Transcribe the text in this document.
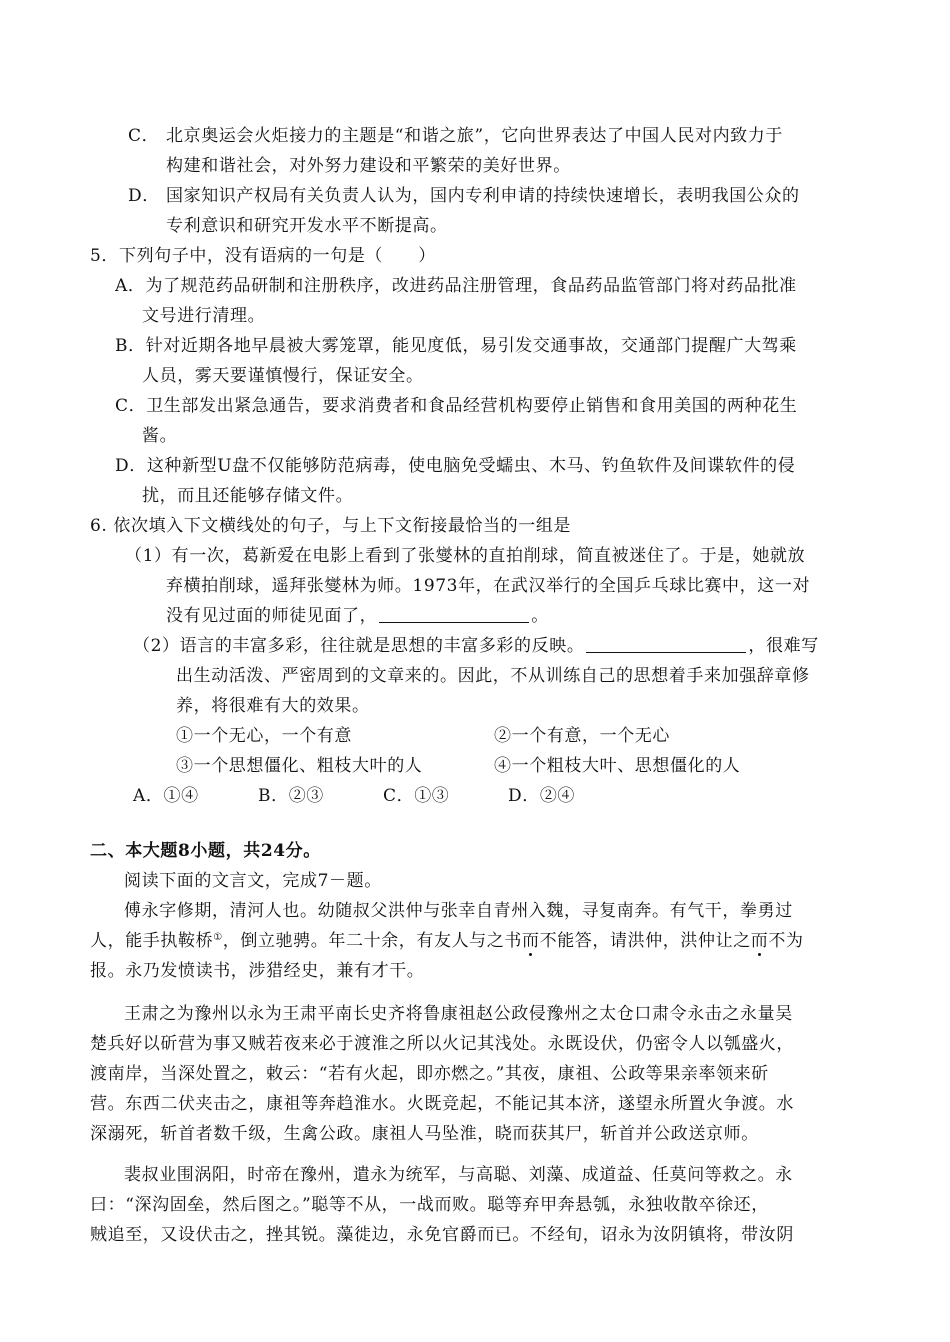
C． 北京奥运会火炬接力的主题是“和谐之旅”，它向世界表达了中国人民对内致力于
构建和谐社会，对外努力建设和平繁荣的美好世界。
D． 国家知识产权局有关负责人认为，国内专利申请的持续快速增长，表明我国公众的
专利意识和研究开发水平不断提高。
5．下列句子中，没有语病的一句是（　　）
A．为了规范药品研制和注册秩序，改进药品注册管理，食品药品监管部门将对药品批准
文号进行清理。
B．针对近期各地早晨被大雾笼罩，能见度低，易引发交通事故，交通部门提醒广大驾乘
人员，雾天要谨慎慢行，保证安全。
C．卫生部发出紧急通告，要求消费者和食品经营机构要停止销售和食用美国的两种花生
酱。
D．这种新型U盘不仅能够防范病毒，使电脑免受蠕虫、木马、钓鱼软件及间谍软件的侵
扰，而且还能够存储文件。
6. 依次填入下文横线处的句子，与上下文衔接最恰当的一组是
（1）有一次，葛新爱在电影上看到了张燮林的直拍削球，简直被迷住了。于是，她就放
弃横拍削球，遥拜张燮林为师。1973年，在武汉举行的全国乒乓球比赛中，这一对
没有见过面的师徒见面了，	。
（2）语言的丰富多彩，往往就是思想的丰富多彩的反映。	，很难写
出生动活泼、严密周到的文章来的。因此，不从训练自己的思想着手来加强辞章修
养，将很难有大的效果。
①一个无心，一个有意	②一个有意，一个无心
③一个思想僵化、粗枝大叶的人	④一个粗枝大叶、思想僵化的人
A．①④	B．②③	C．①③	D．②④
二、本大题8小题，共24分。
阅读下面的文言文，完成7－题。
傅永字修期，清河人也。幼随叔父洪仲与张幸自青州入魏，寻复南奔。有气干，拳勇过
人，能手执鞍桥①，倒立驰骋。年二十余，有友人与之书而不能答，请洪仲，洪仲让之而不为
报。永乃发愤读书，涉猎经史，兼有才干。
王肃之为豫州以永为王肃平南长史齐将鲁康祖赵公政侵豫州之太仓口肃令永击之永量吴
楚兵好以斫营为事又贼若夜来必于渡淮之所以火记其浅处。永既设伏，仍密令人以瓠盛火，
渡南岸，当深处置之，敕云：“若有火起，即亦燃之。”其夜，康祖、公政等果亲率领来斫
营。东西二伏夹击之，康祖等奔趋淮水。火既竞起，不能记其本济，遂望永所置火争渡。水
深溺死，斩首者数千级，生禽公政。康祖人马坠淮，晓而获其尸，斩首并公政送京师。
裴叔业围涡阳，时帝在豫州，遣永为统军，与高聪、刘藻、成道益、任莫问等救之。永
曰：“深沟固垒，然后图之。”聪等不从，一战而败。聪等弃甲奔悬瓠，永独收散卒徐还，
贼追至，又设伏击之，挫其锐。藻徙边，永免官爵而已。不经旬，诏永为汝阴镇将，带汝阴
